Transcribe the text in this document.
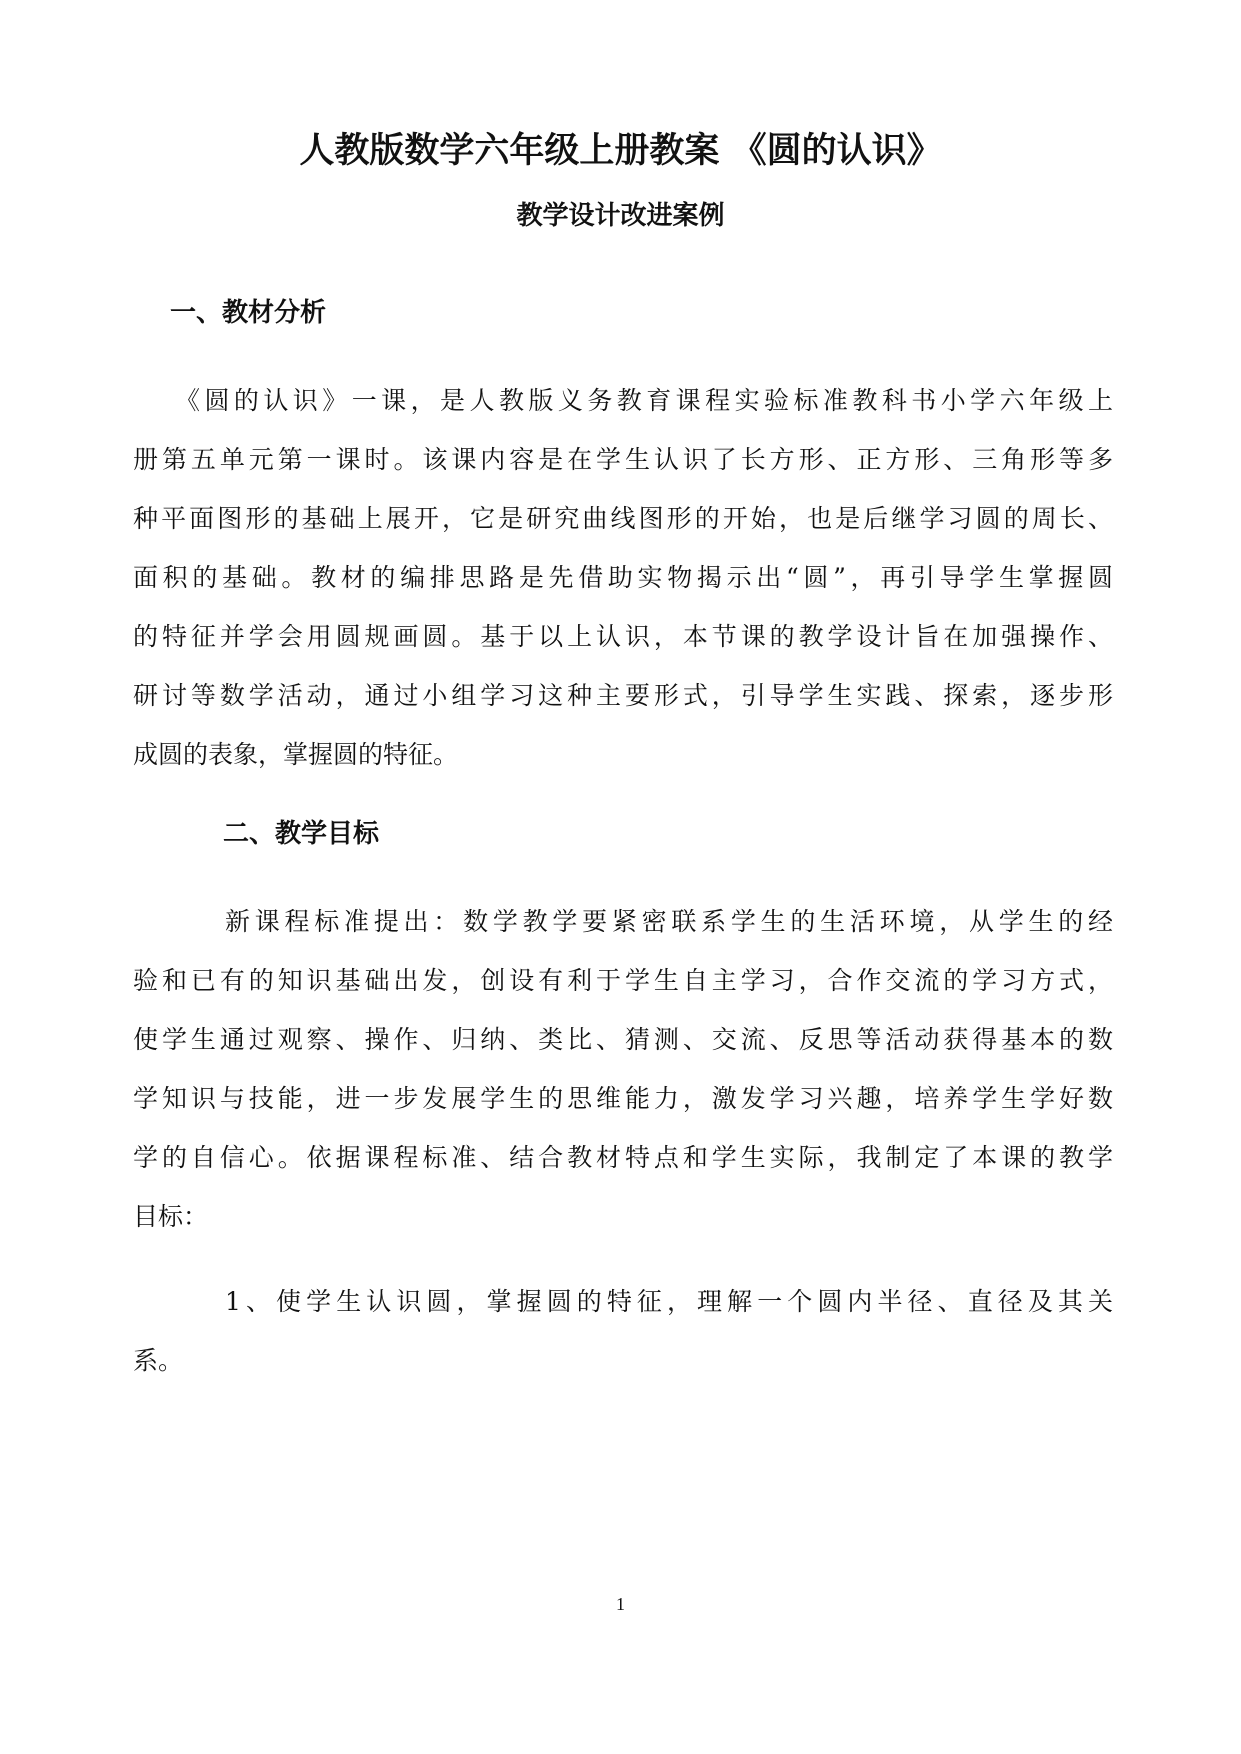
人教版数学六年级上册教案 《圆的认识》
教学设计改进案例
一、教材分析
《圆的认识》一课，是人教版义务教育课程实验标准教科书小学六年级上
册第五单元第一课时。该课内容是在学生认识了长方形、正方形、三角形等多
种平面图形的基础上展开，它是研究曲线图形的开始，也是后继学习圆的周长、
面积的基础。教材的编排思路是先借助实物揭示出“圆”，再引导学生掌握圆
的特征并学会用圆规画圆。基于以上认识，本节课的教学设计旨在加强操作、
研讨等数学活动，通过小组学习这种主要形式，引导学生实践、探索，逐步形
成圆的表象，掌握圆的特征。
二、教学目标
新课程标准提出：数学教学要紧密联系学生的生活环境，从学生的经
验和已有的知识基础出发，创设有利于学生自主学习，合作交流的学习方式，
使学生通过观察、操作、归纳、类比、猜测、交流、反思等活动获得基本的数
学知识与技能，进一步发展学生的思维能力，激发学习兴趣，培养学生学好数
学的自信心。依据课程标准、结合教材特点和学生实际，我制定了本课的教学
目标：
1、使学生认识圆，掌握圆的特征，理解一个圆内半径、直径及其关
系。
1
